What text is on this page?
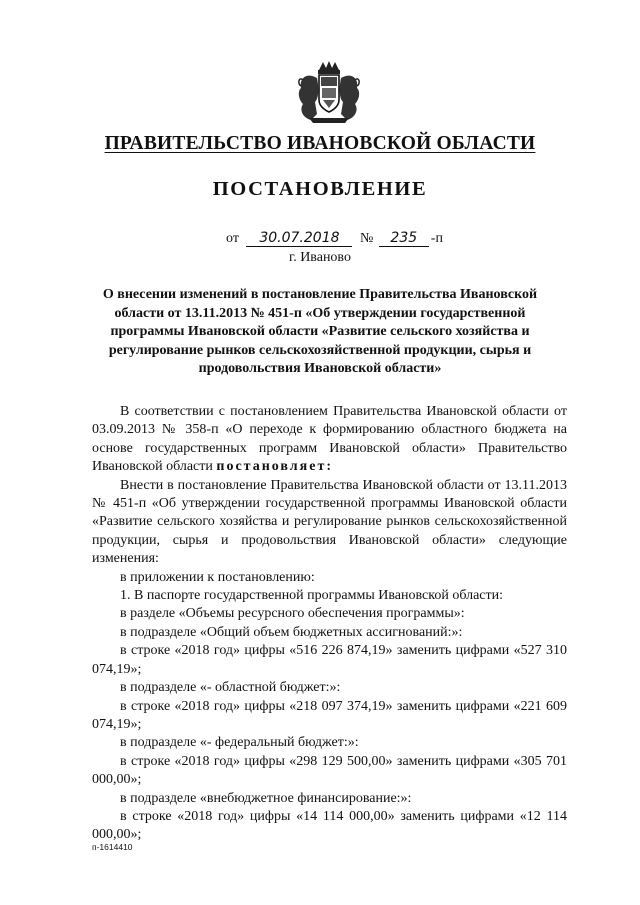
ПРАВИТЕЛЬСТВО ИВАНОВСКОЙ ОБЛАСТИ
ПОСТАНОВЛЕНИЕ
от 30.07.2018 № 235 -п
г. Иваново
О внесении изменений в постановление Правительства Ивановской области от 13.11.2013 № 451-п «Об утверждении государственной программы Ивановской области «Развитие сельского хозяйства и регулирование рынков сельскохозяйственной продукции, сырья и продовольствия Ивановской области»

В соответствии с постановлением Правительства Ивановской области от 03.09.2013 № 358-п «О переходе к формированию областного бюджета на основе государственных программ Ивановской области» Правительство Ивановской области постановляет:

Внести в постановление Правительства Ивановской области от 13.11.2013 № 451-п «Об утверждении государственной программы Ивановской области «Развитие сельского хозяйства и регулирование рынков сельскохозяйственной продукции, сырья и продовольствия Ивановской области» следующие изменения:

в приложении к постановлению:

1. В паспорте государственной программы Ивановской области:

в разделе «Объемы ресурсного обеспечения программы»:

в подразделе «Общий объем бюджетных ассигнований:»:

в строке «2018 год» цифры «516 226 874,19» заменить цифрами «527 310 074,19»;

в подразделе «- областной бюджет:»:

в строке «2018 год» цифры «218 097 374,19» заменить цифрами «221 609 074,19»;

в подразделе «- федеральный бюджет:»:

в строке «2018 год» цифры «298 129 500,00» заменить цифрами «305 701 000,00»;

в подразделе «внебюджетное финансирование:»:

в строке «2018 год» цифры «14 114 000,00» заменить цифрами «12 114 000,00»;

п-1614410
